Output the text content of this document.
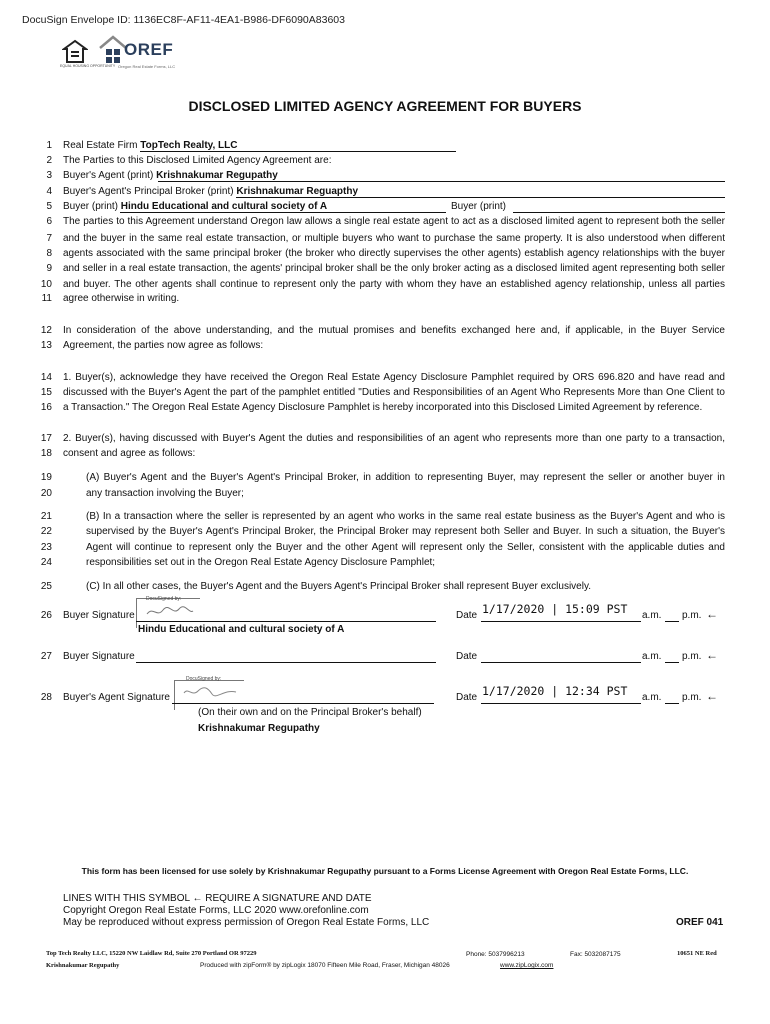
DocuSign Envelope ID: 1136EC8F-AF11-4EA1-B986-DF6090A83603
EQUAL HOUSING OPPORTUNITY
OREF
Oregon Real Estate Forms, LLC
DISCLOSED LIMITED AGENCY AGREEMENT FOR BUYERS
1
2
3
4
5
6
7
8
9
10
11
12
13
14
15
16
17
18
19
20
21
22
23
24
25
26
27
28
Real Estate Firm TopTech Realty, LLC
The Parties to this Disclosed Limited Agency Agreement are:
Buyer's Agent (print) Krishnakumar Regupathy
Buyer's Agent's Principal Broker (print) Krishnakumar Reguapthy
Buyer (print) Hindu Educational and cultural society of A	Buyer (print)
The parties to this Agreement understand Oregon law allows a single real estate agent to act as a disclosed limited agent to represent both the seller
and the buyer in the same real estate transaction, or multiple buyers who want to purchase the same property. It is also understood when different
agents associated with the same principal broker (the broker who directly supervises the other agents) establish agency relationships with the buyer
and seller in a real estate transaction, the agents' principal broker shall be the only broker acting as a disclosed limited agent representing both seller
and buyer. The other agents shall continue to represent only the party with whom they have an established agency relationship, unless all parties
agree otherwise in writing.
In consideration of the above understanding, and the mutual promises and benefits exchanged here and, if applicable, in the Buyer Service
Agreement, the parties now agree as follows:
1. Buyer(s), acknowledge they have received the Oregon Real Estate Agency Disclosure Pamphlet required by ORS 696.820 and have read and
discussed with the Buyer's Agent the part of the pamphlet entitled "Duties and Responsibilities of an Agent Who Represents More than One Client to
a Transaction." The Oregon Real Estate Agency Disclosure Pamphlet is hereby incorporated into this Disclosed Limited Agreement by reference.
2. Buyer(s), having discussed with Buyer's Agent the duties and responsibilities of an agent who represents more than one party to a transaction,
consent and agree as follows:
(A) Buyer's Agent and the Buyer's Agent's Principal Broker, in addition to representing Buyer, may represent the seller or another buyer in
any transaction involving the Buyer;
(B) In a transaction where the seller is represented by an agent who works in the same real estate business as the Buyer's Agent and who is
supervised by the Buyer's Agent's Principal Broker, the Principal Broker may represent both Seller and Buyer. In such a situation, the Buyer's
Agent will continue to represent only the Buyer and the other Agent will represent only the Seller, consistent with the applicable duties and
responsibilities set out in the Oregon Real Estate Agency Disclosure Pamphlet;
(C) In all other cases, the Buyer's Agent and the Buyers Agent's Principal Broker shall represent Buyer exclusively.
Buyer Signature
DocuSigned by:
Hindu Educational and cultural society of A
Date 1/17/2020 | 15:09 PST a.m. p.m. ←
Buyer Signature	Date	a.m. p.m. ←
Buyer's Agent Signature
DocuSigned by:
(On their own and on the Principal Broker's behalf)
Krishnakumar Regupathy
Date 1/17/2020 | 12:34 PST a.m. p.m. ←
This form has been licensed for use solely by Krishnakumar Regupathy pursuant to a Forms License Agreement with Oregon Real Estate Forms, LLC.
LINES WITH THIS SYMBOL ← REQUIRE A SIGNATURE AND DATE
Copyright Oregon Real Estate Forms, LLC 2020 www.orefonline.com
May be reproduced without express permission of Oregon Real Estate Forms, LLC	OREF 041
Top Tech Realty LLC, 15220 NW Laidlaw Rd, Suite 270 Portland OR 97229
Krishnakumar Regupathy
Phone: 5037996213	Fax: 5032087175	10651 NE Red
Produced with zipForm® by zipLogix 18070 Fifteen Mile Road, Fraser, Michigan 48026	www.zipLogix.com
